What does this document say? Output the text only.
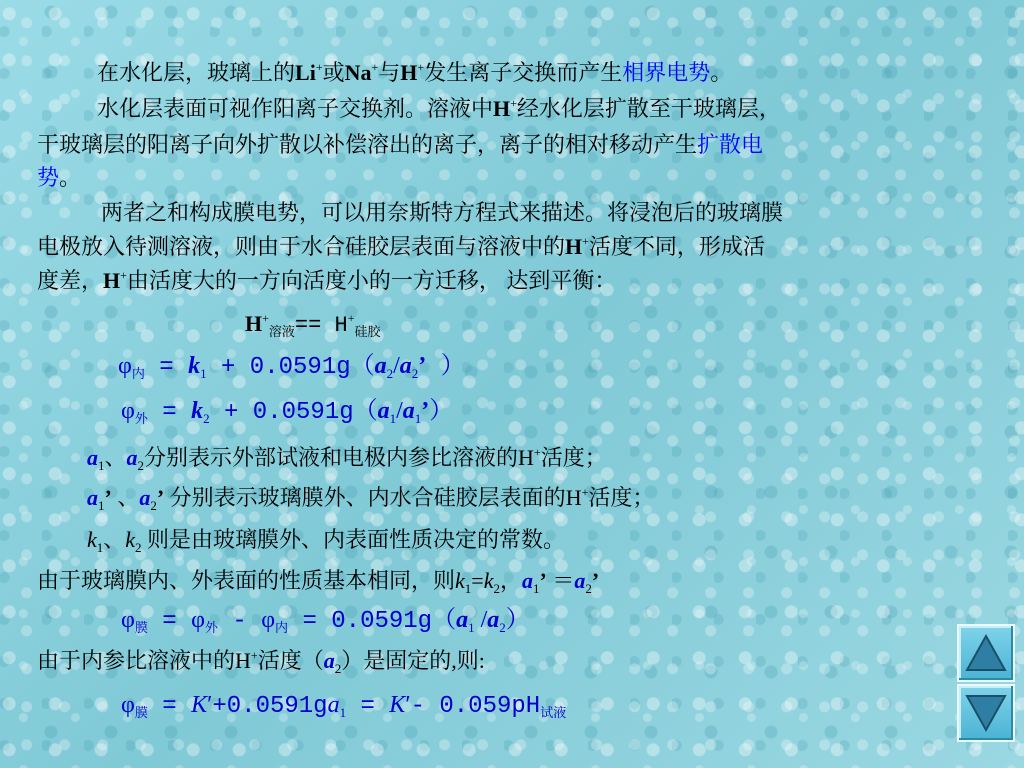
在水化层，玻璃上的Li+或Na+与H+发生离子交换而产生相界电势。
水化层表面可视作阳离子交换剂。溶液中H+经水化层扩散至干玻璃层，
干玻璃层的阳离子向外扩散以补偿溶出的离子，离子的相对移动产生扩散电
势。
两者之和构成膜电势，可以用奈斯特方程式来描述。将浸泡后的玻璃膜
电极放入待测溶液，则由于水合硅胶层表面与溶液中的H+活度不同，形成活
度差，H+由活度大的一方向活度小的一方迁移， 达到平衡：
$H^+_{溶液}== H^+_{硅胶}$
$\varphi_内 = k_1 + 0.0591g(a_2/a_2$’ ）
$\varphi_外 = k_2$ + $0.0591g(a_1/a_1’)$
$a_1$、$a_2$分别表示外部试液和电极内参比溶液的H+活度；
$a_1$’ 、$a_2$’ 分别表示玻璃膜外、内水合硅胶层表面的H+活度；
$k_1$、$k_2$ 则是由玻璃膜外、内表面性质决定的常数。
由于玻璃膜内、外表面的性质基本相同，则$k_1=k_2$，$a_1$’ $=a_2$’
$\varphi_膜 = \varphi_外 - \varphi_内 = 0.0591g(a_1$ $/a_2$）
由于内参比溶液中的H+活度$(a_2)$是固定的,则:
$\varphi_膜 = K'+0.0591ga_1 = K'-$ $0.059pH_{试液}$
